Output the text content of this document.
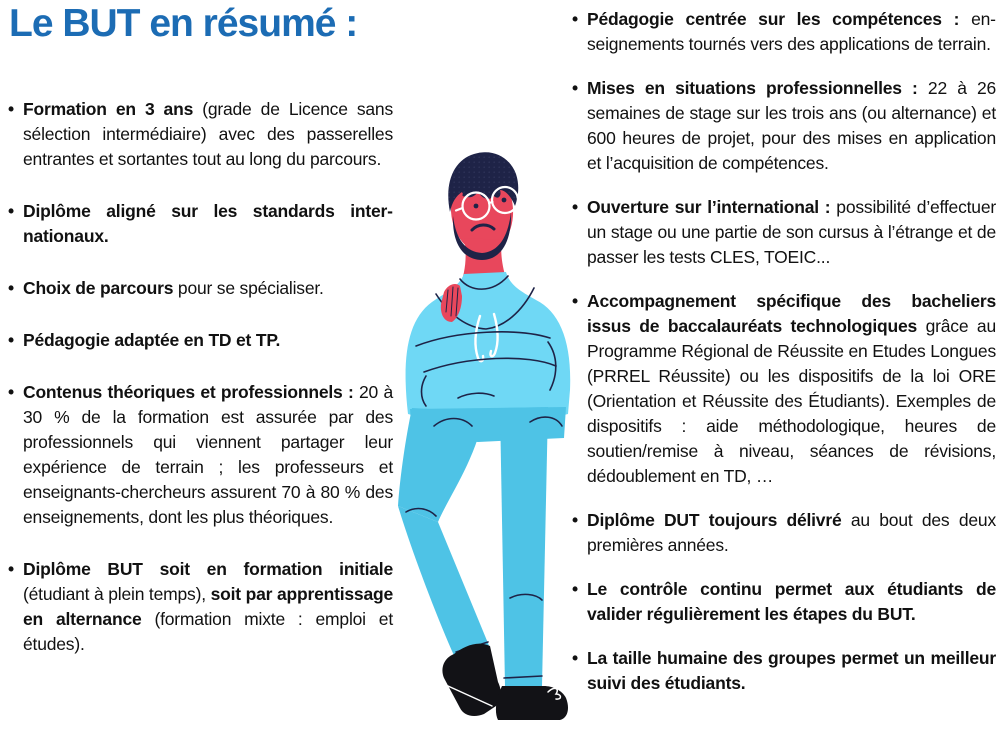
Le BUT en résumé :
• Formation en 3 ans (grade de Licence sans sélection intermédiaire) avec des passerelles entrantes et sortantes tout au long du parcours.
• Diplôme aligné sur les standards internationaux.
• Choix de parcours pour se spécialiser.
• Pédagogie adaptée en TD et TP.
• Contenus théoriques et professionnels : 20 à 30 % de la formation est assurée par des professionnels qui viennent partager leur expérience de terrain ; les professeurs et enseignants-chercheurs assurent 70 à 80 % des enseignements, dont les plus théoriques.
• Diplôme BUT soit en formation initiale (étudiant à plein temps), soit par apprentissage en alternance (formation mixte : emploi et études).
• Pédagogie centrée sur les compétences : enseignements tournés vers des applications de terrain.
• Mises en situations professionnelles : 22 à 26 semaines de stage sur les trois ans (ou alternance) et 600 heures de projet, pour des mises en application et l’acquisition de compétences.
• Ouverture sur l’international : possibilité d’effectuer un stage ou une partie de son cursus à l’étrange et de passer les tests CLES, TOEIC...
• Accompagnement spécifique des bacheliers issus de baccalauréats technologiques grâce au Programme Régional de Réussite en Etudes Longues (PRREL Réussite) ou les dispositifs de la loi ORE (Orientation et Réussite des Étudiants). Exemples de dispositifs : aide méthodologique, heures de soutien/remise à niveau, séances de révisions, dédoublement en TD, …
• Diplôme DUT toujours délivré au bout des deux premières années.
• Le contrôle continu permet aux étudiants de valider régulièrement les étapes du BUT.
• La taille humaine des groupes permet un meilleur suivi des étudiants.
